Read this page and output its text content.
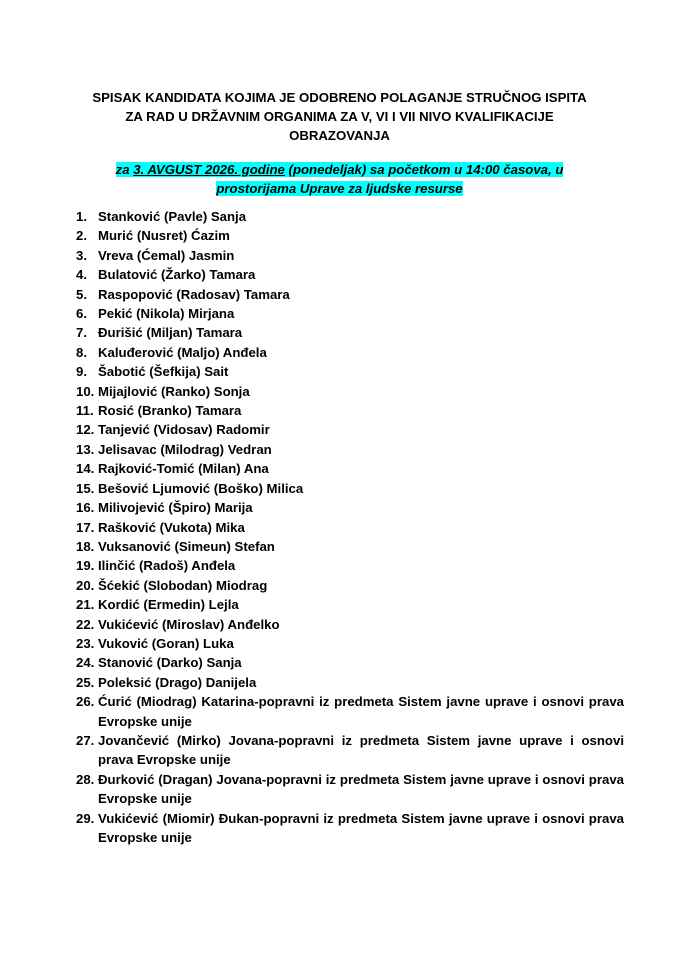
SPISAK KANDIDATA KOJIMA JE ODOBRENO POLAGANJE STRUČNOG ISPITA
ZA RAD U DRŽAVNIM ORGANIMA ZA V, VI I VII NIVO KVALIFIKACIJE
OBRAZOVANJA
za 3. AVGUST 2026. godine (ponedeljak) sa početkom u 14:00 časova, u
prostorijama Uprave za ljudske resurse
1. Stanković (Pavle) Sanja
2. Murić (Nusret) Ćazim
3. Vreva (Ćemal) Jasmin
4. Bulatović (Žarko) Tamara
5. Raspopović (Radosav) Tamara
6. Pekić (Nikola) Mirjana
7. Đurišić (Miljan) Tamara
8. Kaluđerović (Maljo) Anđela
9. Šabotić (Šefkija) Sait
10. Mijajlović (Ranko) Sonja
11. Rosić (Branko) Tamara
12. Tanjević (Vidosav) Radomir
13. Jelisavac (Milodrag) Vedran
14. Rajković-Tomić (Milan) Ana
15. Bešović Ljumović (Boško) Milica
16. Milivojević (Špiro) Marija
17. Rašković (Vukota) Mika
18. Vuksanović (Simeun) Stefan
19. Ilinčić (Radoš) Anđela
20. Šćekić (Slobodan) Miodrag
21. Kordić (Ermedin) Lejla
22. Vukićević (Miroslav) Anđelko
23. Vuković (Goran) Luka
24. Stanović (Darko) Sanja
25. Poleksić (Drago) Danijela
26. Ćurić (Miodrag) Katarina-popravni iz predmeta Sistem javne uprave i osnovi prava Evropske unije
27. Jovančević (Mirko) Jovana-popravni iz predmeta Sistem javne uprave i osnovi prava Evropske unije
28. Đurković (Dragan) Jovana-popravni iz predmeta Sistem javne uprave i osnovi prava Evropske unije
29. Vukićević (Miomir) Đukan-popravni iz predmeta Sistem javne uprave i osnovi prava Evropske unije
